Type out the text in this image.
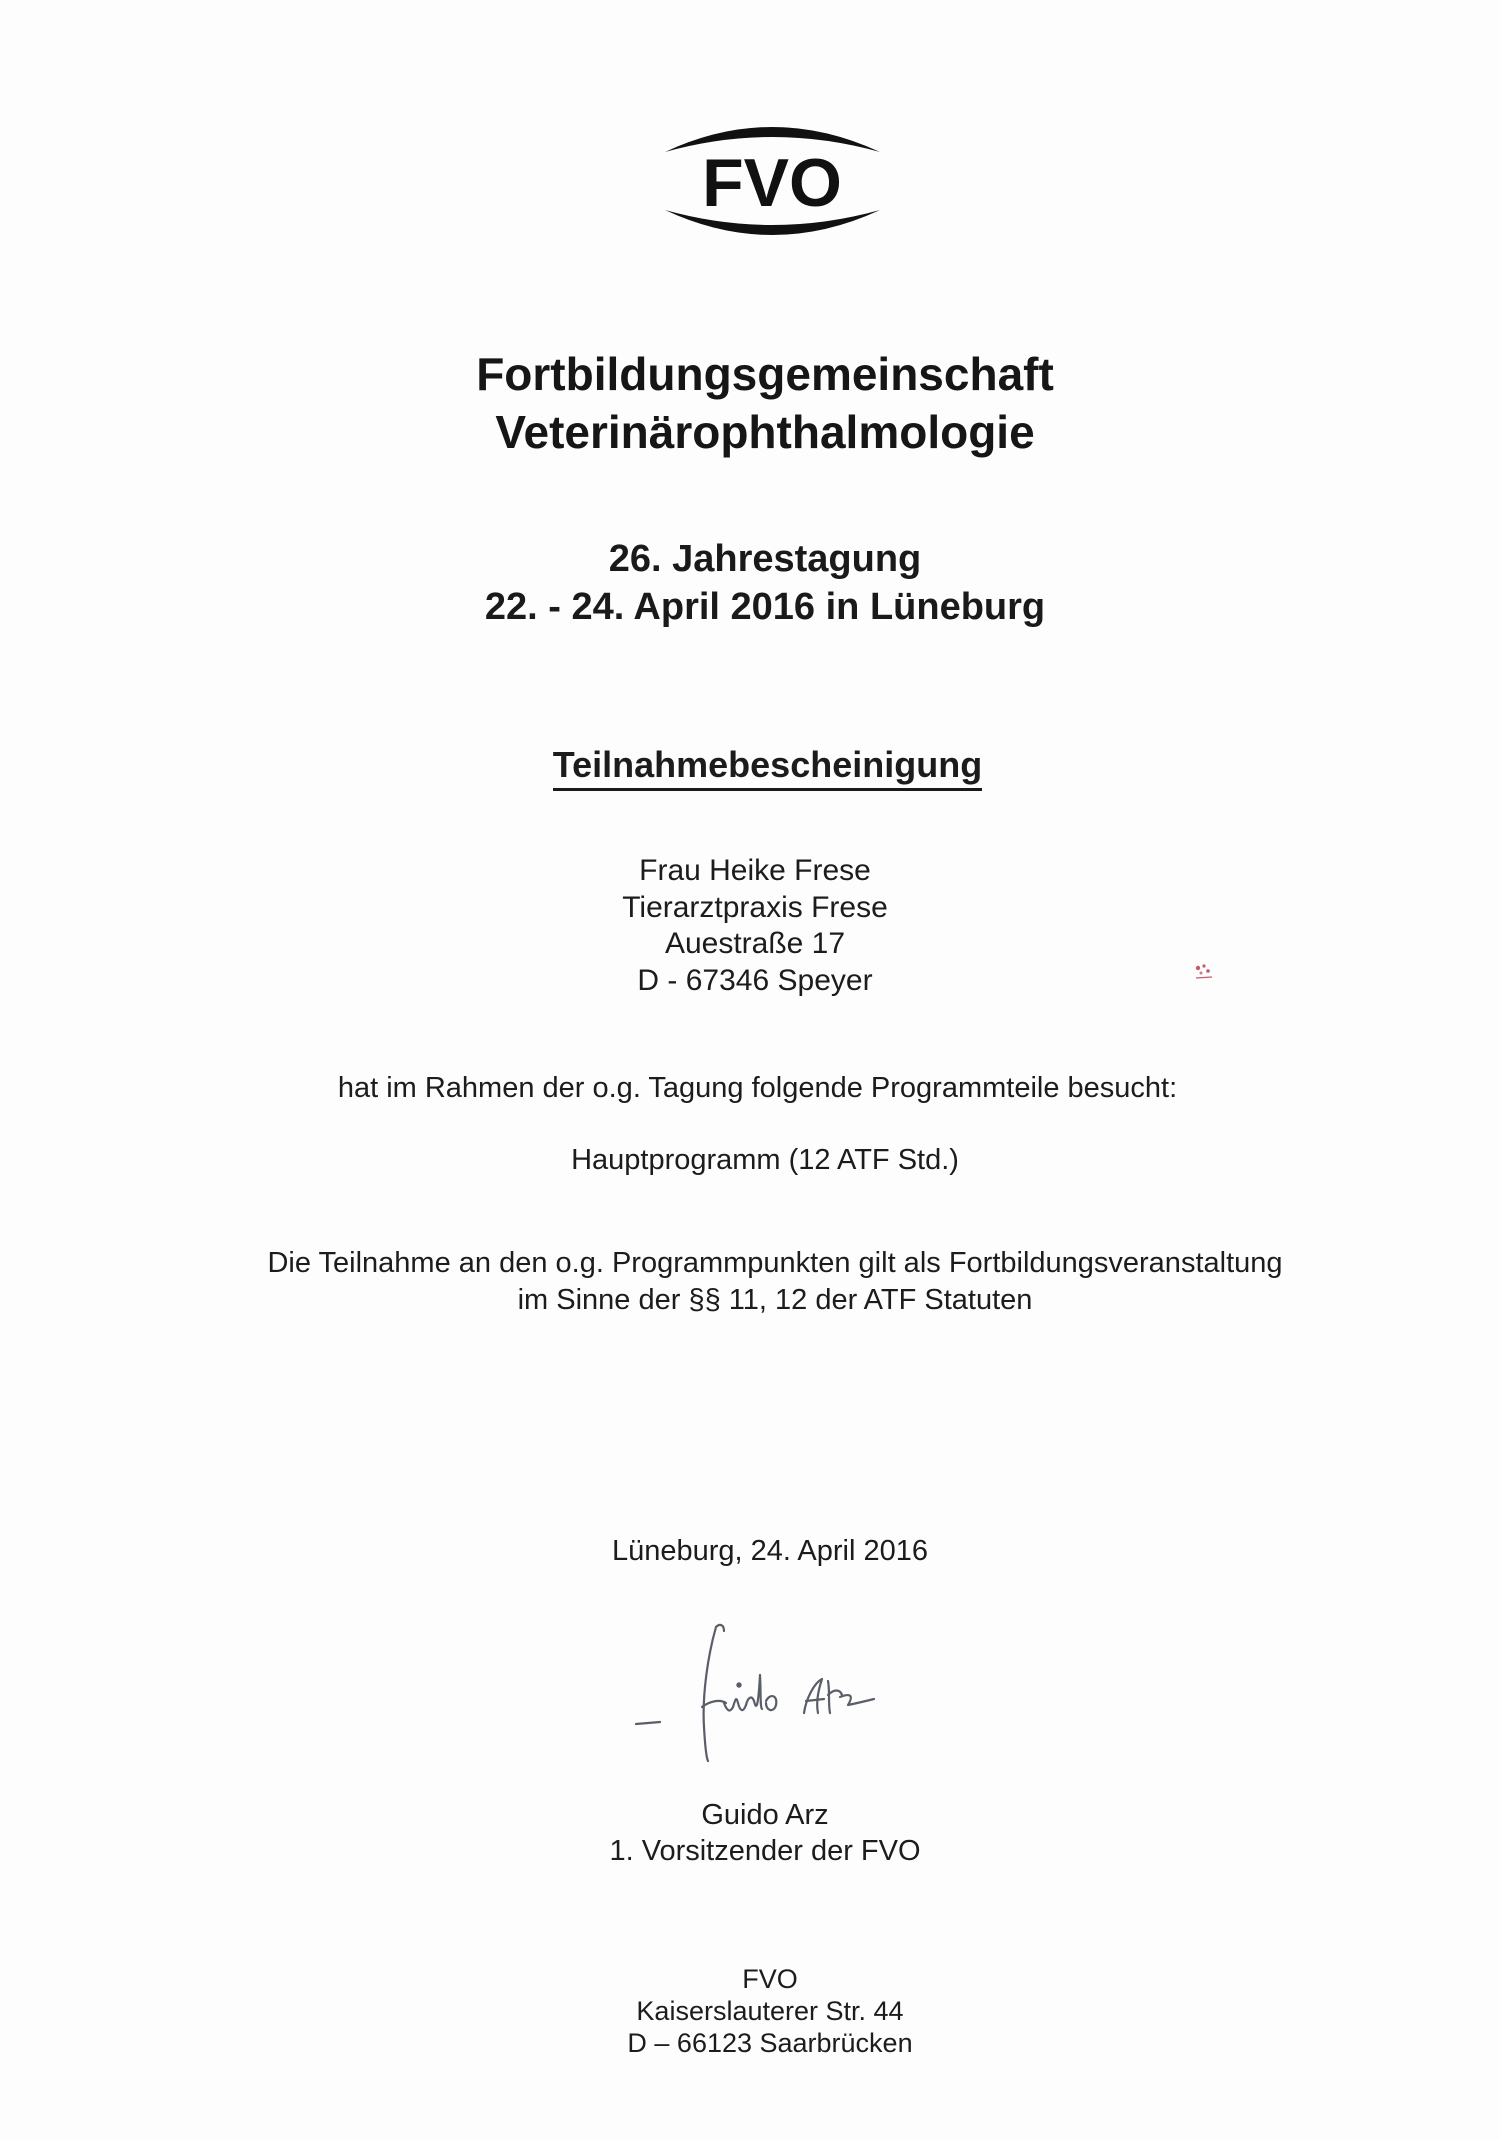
FVO
Fortbildungsgemeinschaft
Veterinärophthalmologie
26. Jahrestagung
22. - 24. April 2016 in Lüneburg
Teilnahmebescheinigung
Frau Heike Frese
Tierarztpraxis Frese
Auestraße 17
D - 67346 Speyer
hat im Rahmen der o.g. Tagung folgende Programmteile besucht:
Hauptprogramm (12 ATF Std.)
Die Teilnahme an den o.g. Programmpunkten gilt als Fortbildungsveranstaltung
im Sinne der §§ 11, 12 der ATF Statuten
Lüneburg, 24. April 2016
Guido Arz
1. Vorsitzender der FVO
FVO
Kaiserslauterer Str. 44
D – 66123 Saarbrücken
